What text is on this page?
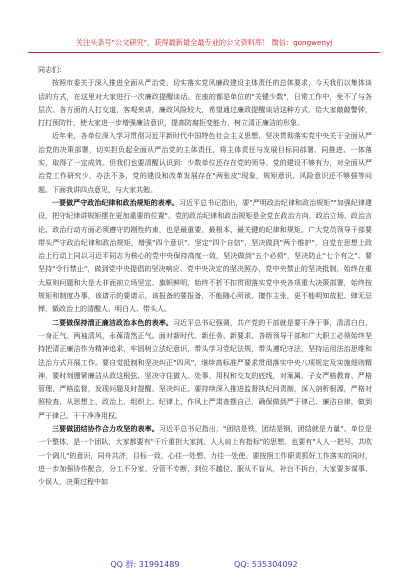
关注头条号"公文研究"，获得最新最全最专业的公文资料库！ 微信：gongwenyj

同志们：

按照市委关于深入推进全面从严治党、切实落实党风廉政建设主体责任的总体要求，今天我们以集体谈话的方式，在这里对大家进行一次廉政提醒谈话。在座的都是单位的"关键少数"，日常工作中，免不了与各层次、各方面的人打交道，客观来讲，廉政风险较大，希望通过廉政提醒谈话这种方式，给大家敲敲警钟，打打预防针，使大家进一步增强廉洁意识，提高防腐拒变能力，树立清正廉洁的形象。

近年来，各单位深入学习贯彻习近平新时代中国特色社会主义思想，坚决贯彻落实党中央关于全面从严治党的决策部署，切实担负起全面从严治党的主体责任，将主体责任与发展目标同部署、同推进、一体落实，取得了一定成效。但我们也要清醒认识到：少数单位还存在党的领导、党的建设不够有力，对全面从严治党工作研究少、办法不多，党的建设和改革发展存在"两张皮"现象，规矩意识、风险意识还不够强等问题。下面我讲四点意见，与大家共勉。

一要做严守政治纪律和政治规矩的表率。习近平总书记指出，要"严明政治纪律和政治规矩""加强纪律建设，把守纪律讲规矩摆在更加重要的位置"。党的政治纪律和政治规矩是全党在政治方向、政治立场、政治言论、政治行动方面必须遵守的刚性约束，也是最重要、最根本、最关键的纪律和规矩。广大党员领导干部要带头严守政治纪律和政治规矩，增强"四个意识"、坚定"四个自信"、坚决做到"两个维护"，自觉在思想上政治上行动上同以习近平同志为核心的党中央保持高度一致，坚决做到"五个必须"，坚决防止"七个有之"。要坚持"令行禁止"，做到党中央提倡的坚决响应、党中央决定的坚决照办，党中央禁止的坚决抵制，始终在重大原则问题和大是大非面前立场坚定、旗帜鲜明，始终不折不扣贯彻落实党中央各项重大决策部署，始终按规矩和制度办事，该请示的要请示，该报备的要报备，不能随心所欲、擅作主张，更不能明知故犯、肆无忌惮，做政治上的清醒人、明白人、带头人。

二要做保持清正廉洁政治本色的表率。习近平总书记强调，共产党的干部就是要干净干事，清清白白、一身正气、两袖清风，永葆清然正气。面对新时代、新任务、新要求，各级领导干部和广大职工必须始终坚持把清正廉洁作为精神追求，牢固树立法纪意识，带头学习党纪法规，带头遵纪守法，坚持运用法治思维和法治方式开展工作。要自觉抵制和坚决纠正"四风"，继续高标准严要求贯彻落实中央八项规定及实施细则精神，要时刻绷紧廉洁从政这根弦，坚决守住做人、处事、用权和交友的底线，对案属、子女严格教育、严格管理、严格监督，发现问题及时提醒、坚决纠正。要持续深入推进监督执纪问责制，深入剖析根源，严格对照检查，从思想上、政治上、组织上、纪律上，作风上严肃查摆自己，确保做到严于律己、廉洁自律，做到严于律己、干干净净用权。

三要做团结协作合力攻坚的表率。习近平总书记指出，"团结是铁，团结是钢，团结就是力量"。单位是一个整体，是一个团队，大家都要有"干斤重担大家挑、人人肩上有指标"的思想，也要有"人人一把号、共吹一个调儿"的意识，同舟共济，目标一致，心往一处想，力往一处使。要按照工作职责抓好工作落实的同时，进一步加强协作配合，分工不分家、分管不专断，到位不越位、服从不盲从，补台不拆台，大家要多谋事、少误人，决策过程中如

QQ 群: 31991489	QQ: 535304092
